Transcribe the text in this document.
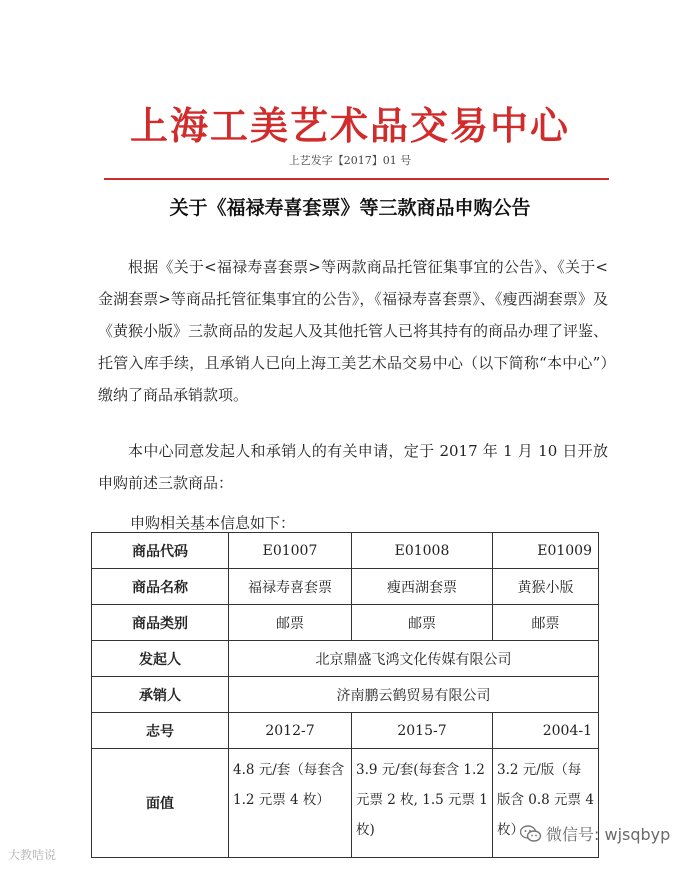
上海工美艺术品交易中心
上艺发字【2017】01 号
关于《福禄寿喜套票》等三款商品申购公告
根据《关于<福禄寿喜套票>等两款商品托管征集事宜的公告》、《关于<金湖套票>等商品托管征集事宜的公告》，《福禄寿喜套票》、《瘦西湖套票》及《黄猴小版》三款商品的发起人及其他托管人已将其持有的商品办理了评鉴、托管入库手续，且承销人已向上海工美艺术品交易中心（以下简称“本中心”）缴纳了商品承销款项。
本中心同意发起人和承销人的有关申请，定于 2017 年 1 月 10 日开放申购前述三款商品：
申购相关基本信息如下：
商品代码	E01007	E01008	E01009
商品名称	福禄寿喜套票	瘦西湖套票	黄猴小版
商品类别	邮票	邮票	邮票
发起人	北京鼎盛飞鸿文化传媒有限公司		
承销人	济南鹏云鹤贸易有限公司		
志号	2012-7	2015-7	2004-1
面值	4.8 元/套（每套含 1.2 元票 4 枚）	3.9 元/套(每套含 1.2 元票 2 枚, 1.5 元票 1 枚)	3.2 元/版（每版含 0.8 元票 4 枚）
大教咭说
微信号: wjsqbyp
